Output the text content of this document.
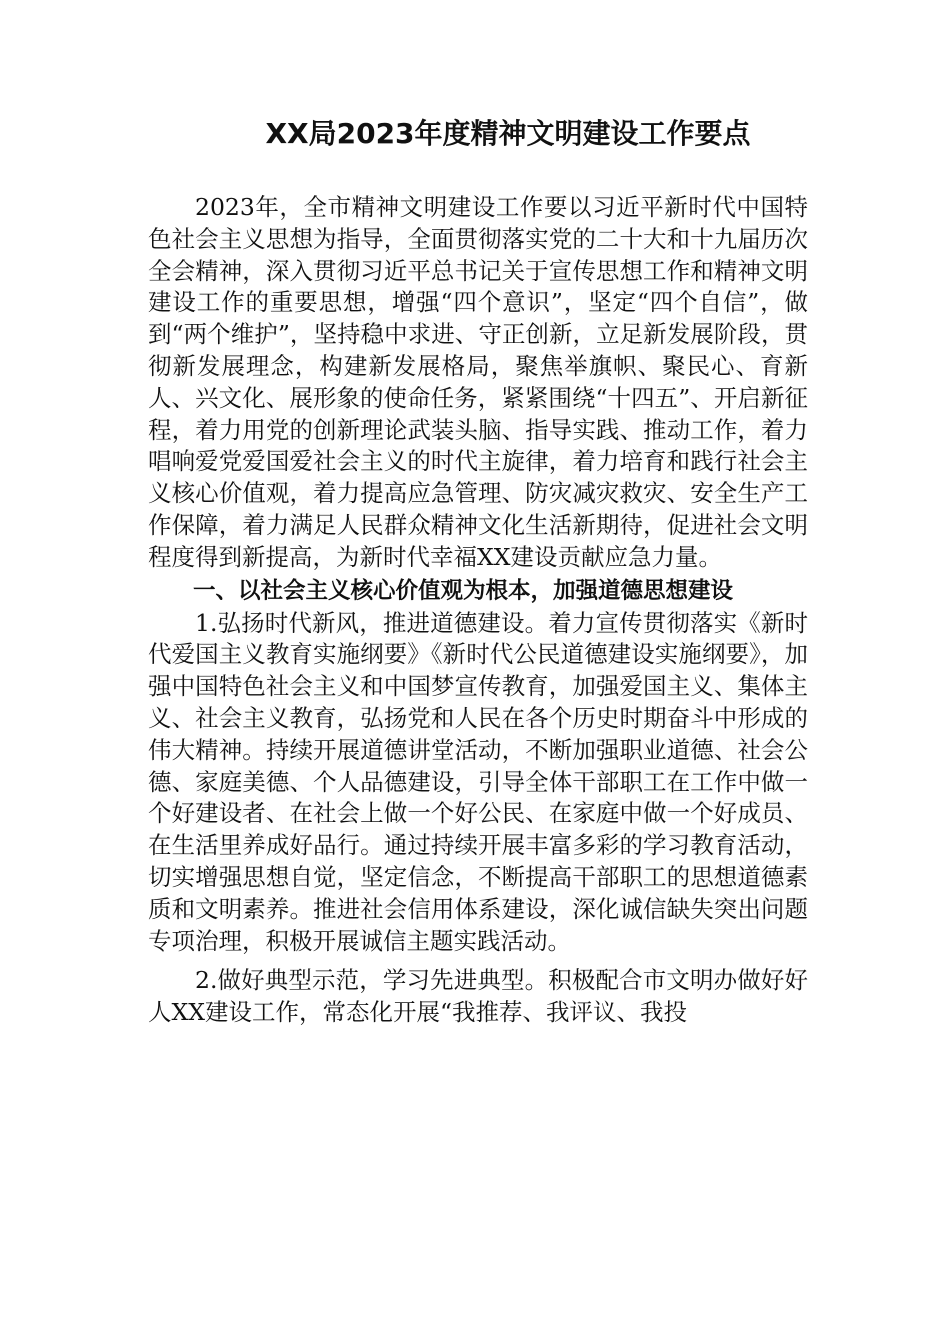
XX局2023年度精神文明建设工作要点

2023年，全市精神文明建设工作要以习近平新时代中国特色社会主义思想为指导，全面贯彻落实党的二十大和十九届历次全会精神，深入贯彻习近平总书记关于宣传思想工作和精神文明建设工作的重要思想，增强“四个意识”，坚定“四个自信”，做到“两个维护”，坚持稳中求进、守正创新，立足新发展阶段，贯彻新发展理念，构建新发展格局，聚焦举旗帜、聚民心、育新人、兴文化、展形象的使命任务，紧紧围绕“十四五”、开启新征程，着力用党的创新理论武装头脑、指导实践、推动工作，着力唱响爱党爱国爱社会主义的时代主旋律，着力培育和践行社会主义核心价值观，着力提高应急管理、防灾减灾救灾、安全生产工作保障，着力满足人民群众精神文化生活新期待，促进社会文明程度得到新提高，为新时代幸福XX建设贡献应急力量。

一、以社会主义核心价值观为根本，加强道德思想建设

1.弘扬时代新风，推进道德建设。着力宣传贯彻落实《新时代爱国主义教育实施纲要》《新时代公民道德建设实施纲要》，加强中国特色社会主义和中国梦宣传教育，加强爱国主义、集体主义、社会主义教育，弘扬党和人民在各个历史时期奋斗中形成的伟大精神。持续开展道德讲堂活动，不断加强职业道德、社会公德、家庭美德、个人品德建设，引导全体干部职工在工作中做一个好建设者、在社会上做一个好公民、在家庭中做一个好成员、在生活里养成好品行。通过持续开展丰富多彩的学习教育活动，切实增强思想自觉，坚定信念，不断提高干部职工的思想道德素质和文明素养。推进社会信用体系建设，深化诚信缺失突出问题专项治理，积极开展诚信主题实践活动。

2.做好典型示范，学习先进典型。积极配合市文明办做好好人XX建设工作，常态化开展“我推荐、我评议、我投
